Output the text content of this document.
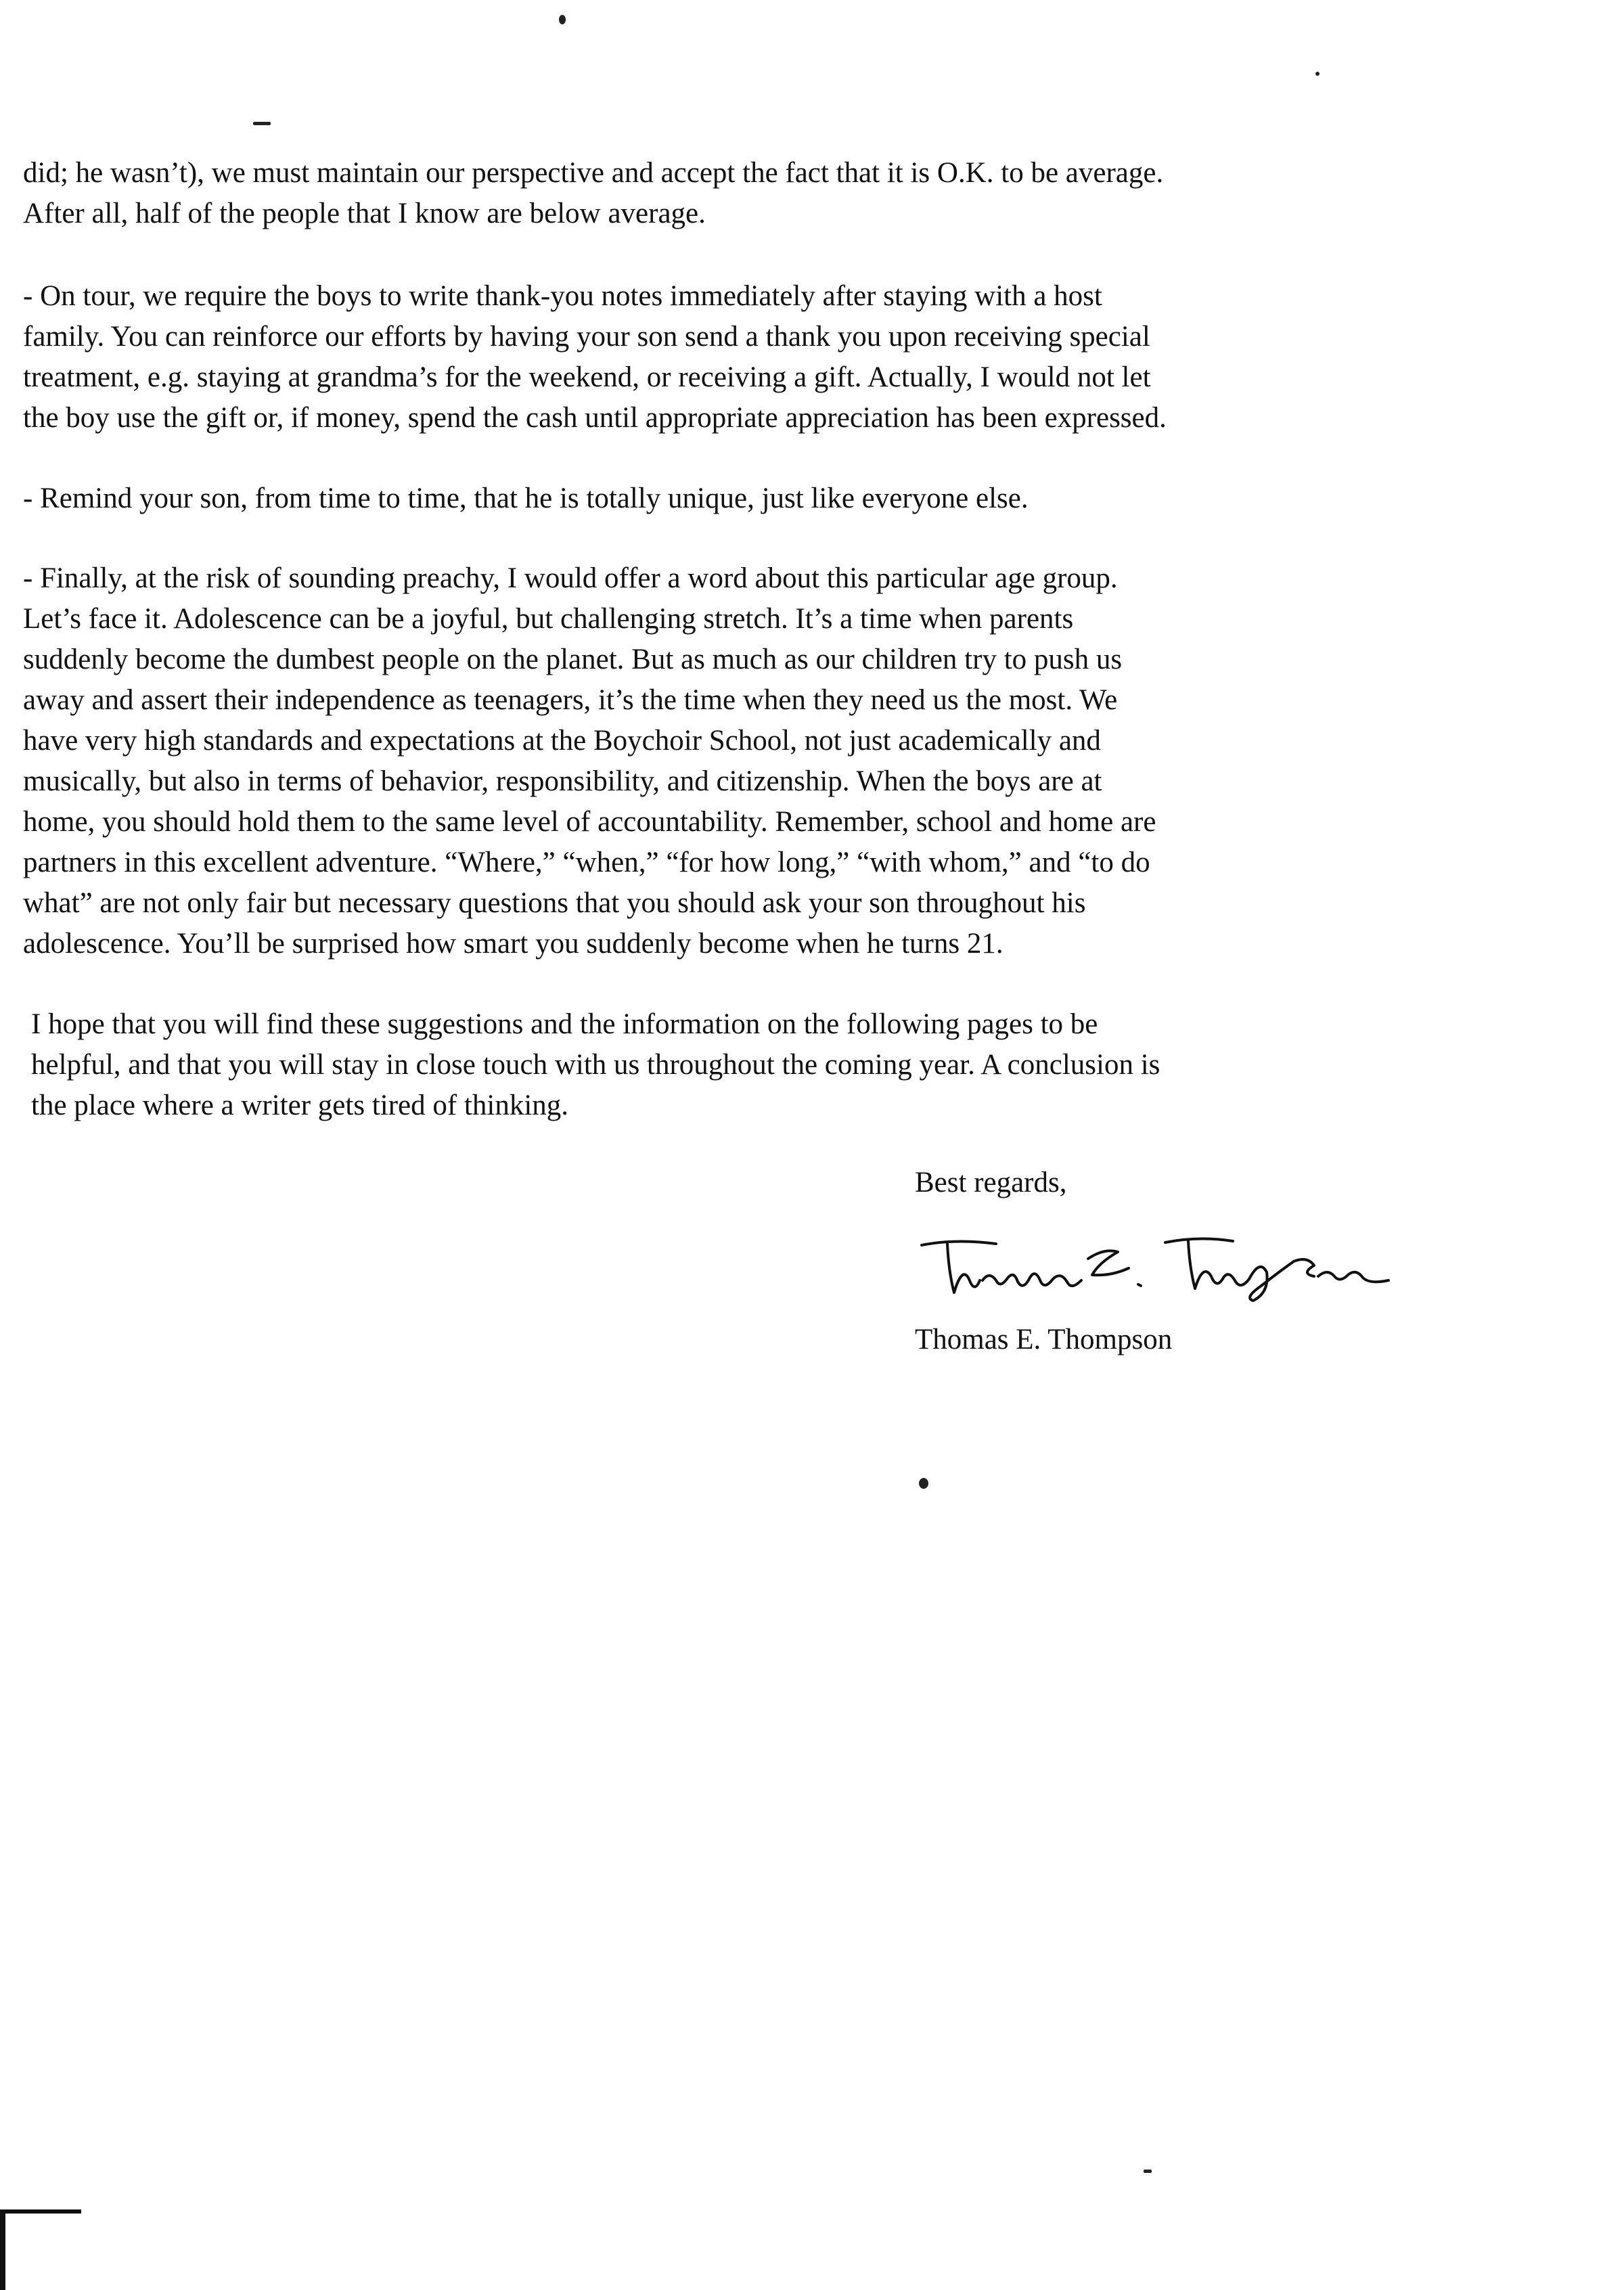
did; he wasn’t), we must maintain our perspective and accept the fact that it is O.K. to be average.
After all, half of the people that I know are below average.
- On tour, we require the boys to write thank-you notes immediately after staying with a host
family. You can reinforce our efforts by having your son send a thank you upon receiving special
treatment, e.g. staying at grandma’s for the weekend, or receiving a gift. Actually, I would not let
the boy use the gift or, if money, spend the cash until appropriate appreciation has been expressed.
- Remind your son, from time to time, that he is totally unique, just like everyone else.
- Finally, at the risk of sounding preachy, I would offer a word about this particular age group.
Let’s face it. Adolescence can be a joyful, but challenging stretch. It’s a time when parents
suddenly become the dumbest people on the planet. But as much as our children try to push us
away and assert their independence as teenagers, it’s the time when they need us the most. We
have very high standards and expectations at the Boychoir School, not just academically and
musically, but also in terms of behavior, responsibility, and citizenship. When the boys are at
home, you should hold them to the same level of accountability. Remember, school and home are
partners in this excellent adventure. “Where,” “when,” “for how long,” “with whom,” and “to do
what” are not only fair but necessary questions that you should ask your son throughout his
adolescence. You’ll be surprised how smart you suddenly become when he turns 21.
I hope that you will find these suggestions and the information on the following pages to be
helpful, and that you will stay in close touch with us throughout the coming year. A conclusion is
the place where a writer gets tired of thinking.
Best regards,
Thomas E. Thompson
